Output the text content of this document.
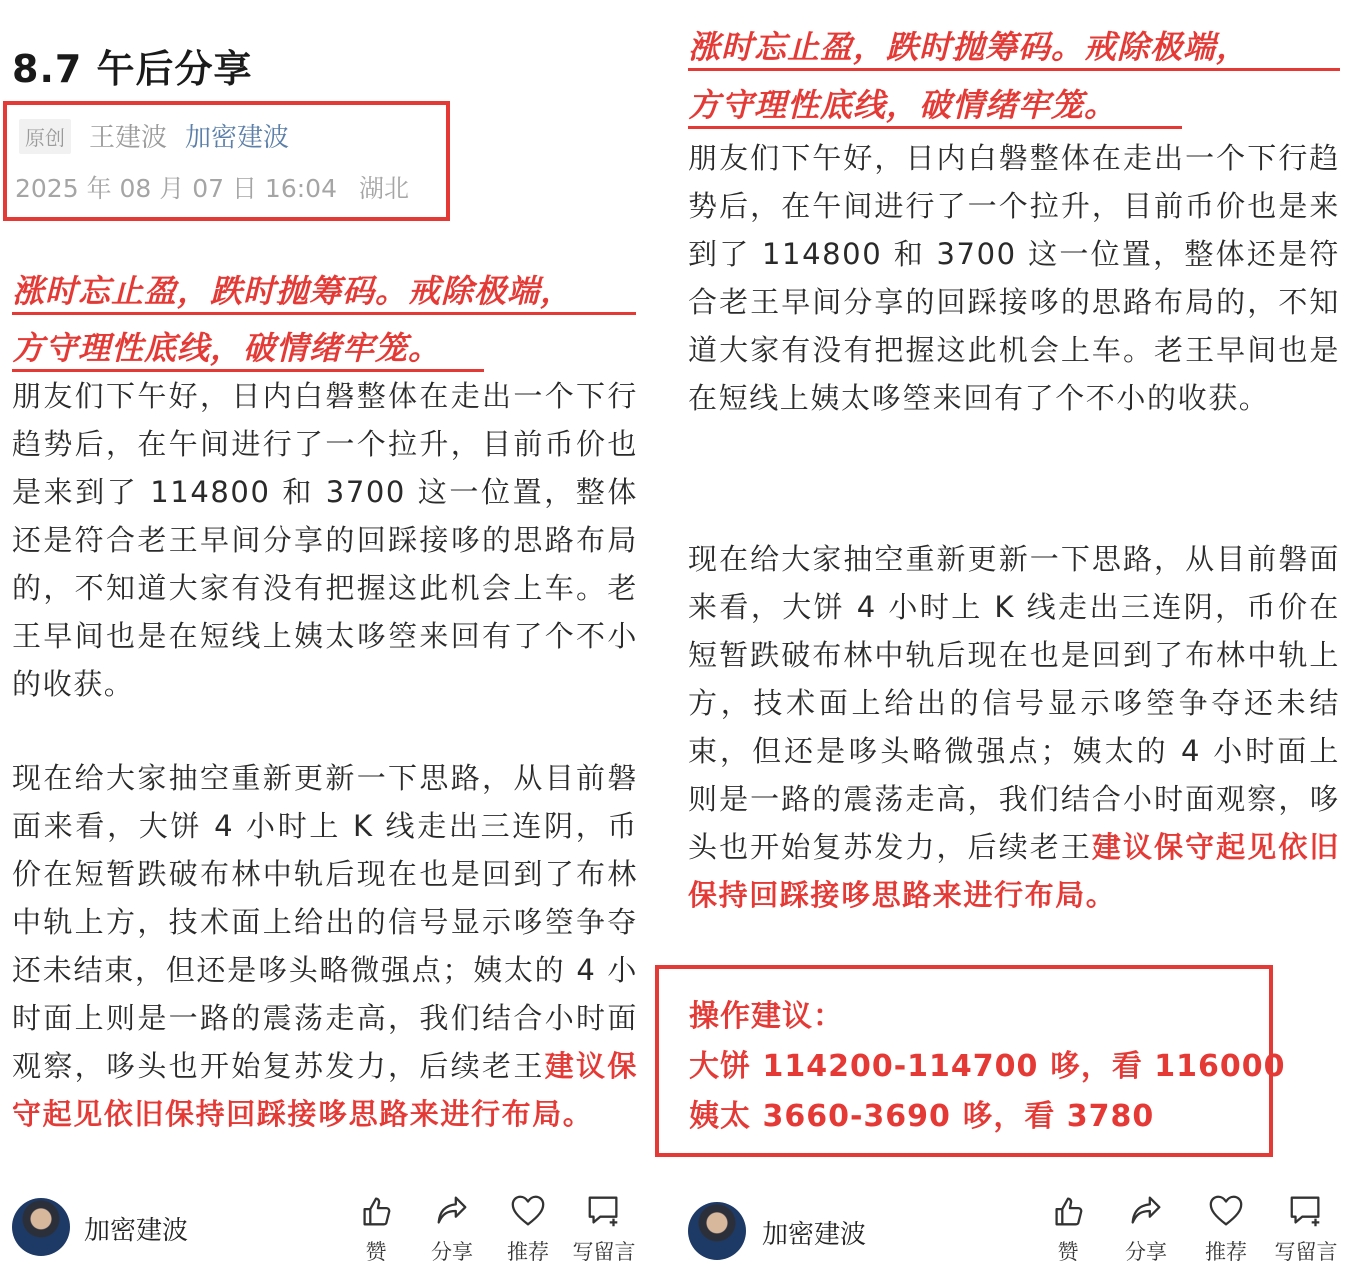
8.7 午后分享
原创 王建波 加密建波
2025 年 08 月 07 日 16:04 湖北
涨时忘止盈，跌时抛筹码。戒除极端，
方守理性底线，破情绪牢笼。

朋友们下午好，日内白磐整体在走出一个下行趋势后，在午间进行了一个拉升，目前币价也是来到了 114800 和 3700 这一位置，整体还是符合老王早间分享的回踩接哆的思路布局的，不知道大家有没有把握这此机会上车。老王早间也是在短线上姨太哆箜来回有了个不小的收获。

现在给大家抽空重新更新一下思路，从目前磐面来看，大饼 4 小时上 K 线走出三连阴，币价在短暂跌破布林中轨后现在也是回到了布林中轨上方，技术面上给出的信号显示哆箜争夺还未结束，但还是哆头略微强点；姨太的 4 小时面上则是一路的震荡走高，我们结合小时面观察，哆头也开始复苏发力，后续老王建议保守起见依旧保持回踩接哆思路来进行布局。

涨时忘止盈，跌时抛筹码。戒除极端，
方守理性底线，破情绪牢笼。

朋友们下午好，日内白磐整体在走出一个下行趋势后，在午间进行了一个拉升，目前币价也是来到了 114800 和 3700 这一位置，整体还是符合老王早间分享的回踩接哆的思路布局的，不知道大家有没有把握这此机会上车。老王早间也是在短线上姨太哆箜来回有了个不小的收获。

现在给大家抽空重新更新一下思路，从目前磐面来看，大饼 4 小时上 K 线走出三连阴，币价在短暂跌破布林中轨后现在也是回到了布林中轨上方，技术面上给出的信号显示哆箜争夺还未结束，但还是哆头略微强点；姨太的 4 小时面上则是一路的震荡走高，我们结合小时面观察，哆头也开始复苏发力，后续老王建议保守起见依旧保持回踩接哆思路来进行布局。

操作建议：
大饼 114200-114700 哆，看 116000
姨太 3660-3690 哆，看 3780
加密建波
赞	分享	推荐	写留言
加密建波
赞	分享	推荐	写留言
